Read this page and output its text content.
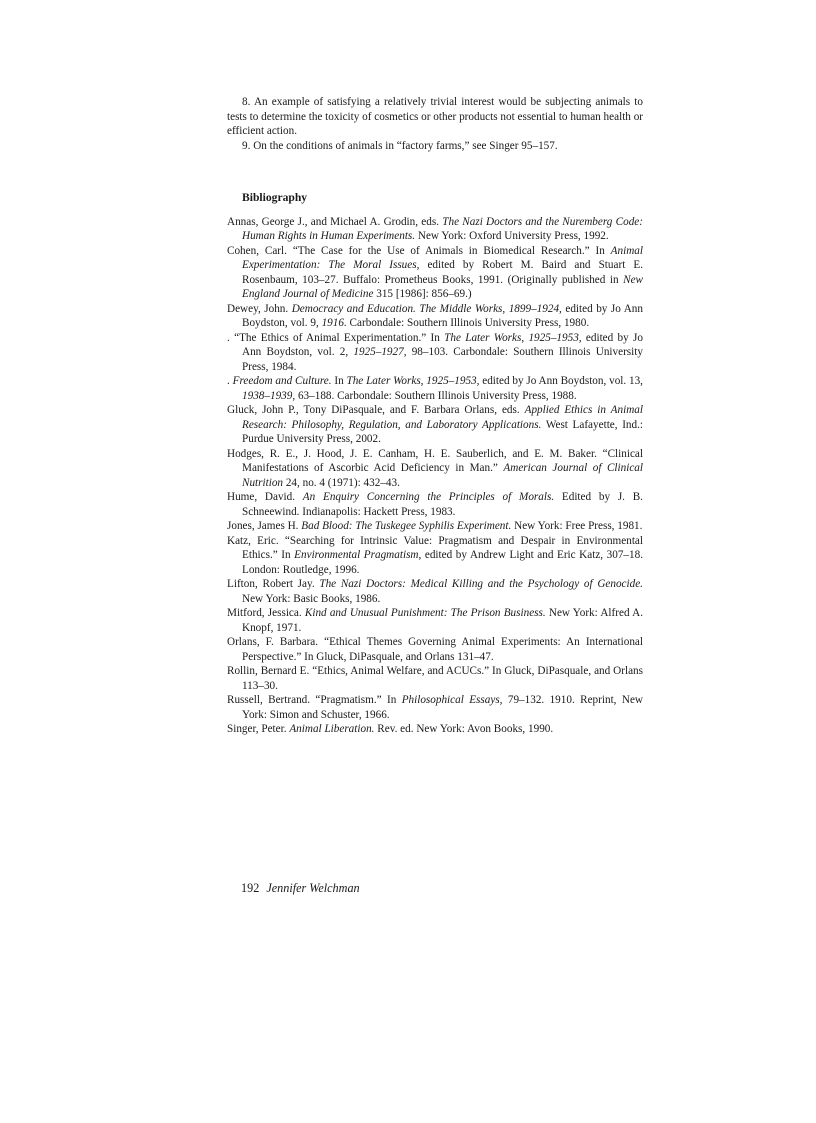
8. An example of satisfying a relatively trivial interest would be subjecting animals to tests to determine the toxicity of cosmetics or other products not essential to human health or efficient action.

9. On the conditions of animals in “factory farms,” see Singer 95–157.

Bibliography

Annas, George J., and Michael A. Grodin, eds. The Nazi Doctors and the Nuremberg Code: Human Rights in Human Experiments. New York: Oxford University Press, 1992.

Cohen, Carl. “The Case for the Use of Animals in Biomedical Research.” In Animal Experimentation: The Moral Issues, edited by Robert M. Baird and Stuart E. Rosenbaum, 103–27. Buffalo: Prometheus Books, 1991. (Originally published in New England Journal of Medicine 315 [1986]: 856–69.)

Dewey, John. Democracy and Education. The Middle Works, 1899–1924, edited by Jo Ann Boydston, vol. 9, 1916. Carbondale: Southern Illinois University Press, 1980.

. “The Ethics of Animal Experimentation.” In The Later Works, 1925–1953, edited by Jo Ann Boydston, vol. 2, 1925–1927, 98–103. Carbondale: Southern Illinois University Press, 1984.

. Freedom and Culture. In The Later Works, 1925–1953, edited by Jo Ann Boydston, vol. 13, 1938–1939, 63–188. Carbondale: Southern Illinois University Press, 1988.

Gluck, John P., Tony DiPasquale, and F. Barbara Orlans, eds. Applied Ethics in Animal Research: Philosophy, Regulation, and Laboratory Applications. West Lafayette, Ind.: Purdue University Press, 2002.

Hodges, R. E., J. Hood, J. E. Canham, H. E. Sauberlich, and E. M. Baker. “Clinical Manifestations of Ascorbic Acid Deficiency in Man.” American Journal of Clinical Nutrition 24, no. 4 (1971): 432–43.

Hume, David. An Enquiry Concerning the Principles of Morals. Edited by J. B. Schneewind. Indianapolis: Hackett Press, 1983.

Jones, James H. Bad Blood: The Tuskegee Syphilis Experiment. New York: Free Press, 1981.

Katz, Eric. “Searching for Intrinsic Value: Pragmatism and Despair in Environmental Ethics.” In Environmental Pragmatism, edited by Andrew Light and Eric Katz, 307–18. London: Routledge, 1996.

Lifton, Robert Jay. The Nazi Doctors: Medical Killing and the Psychology of Genocide. New York: Basic Books, 1986.

Mitford, Jessica. Kind and Unusual Punishment: The Prison Business. New York: Alfred A. Knopf, 1971.

Orlans, F. Barbara. “Ethical Themes Governing Animal Experiments: An International Perspective.” In Gluck, DiPasquale, and Orlans 131–47.

Rollin, Bernard E. “Ethics, Animal Welfare, and ACUCs.” In Gluck, DiPasquale, and Orlans 113–30.

Russell, Bertrand. “Pragmatism.” In Philosophical Essays, 79–132. 1910. Reprint, New York: Simon and Schuster, 1966.

Singer, Peter. Animal Liberation. Rev. ed. New York: Avon Books, 1990.

192 Jennifer Welchman
